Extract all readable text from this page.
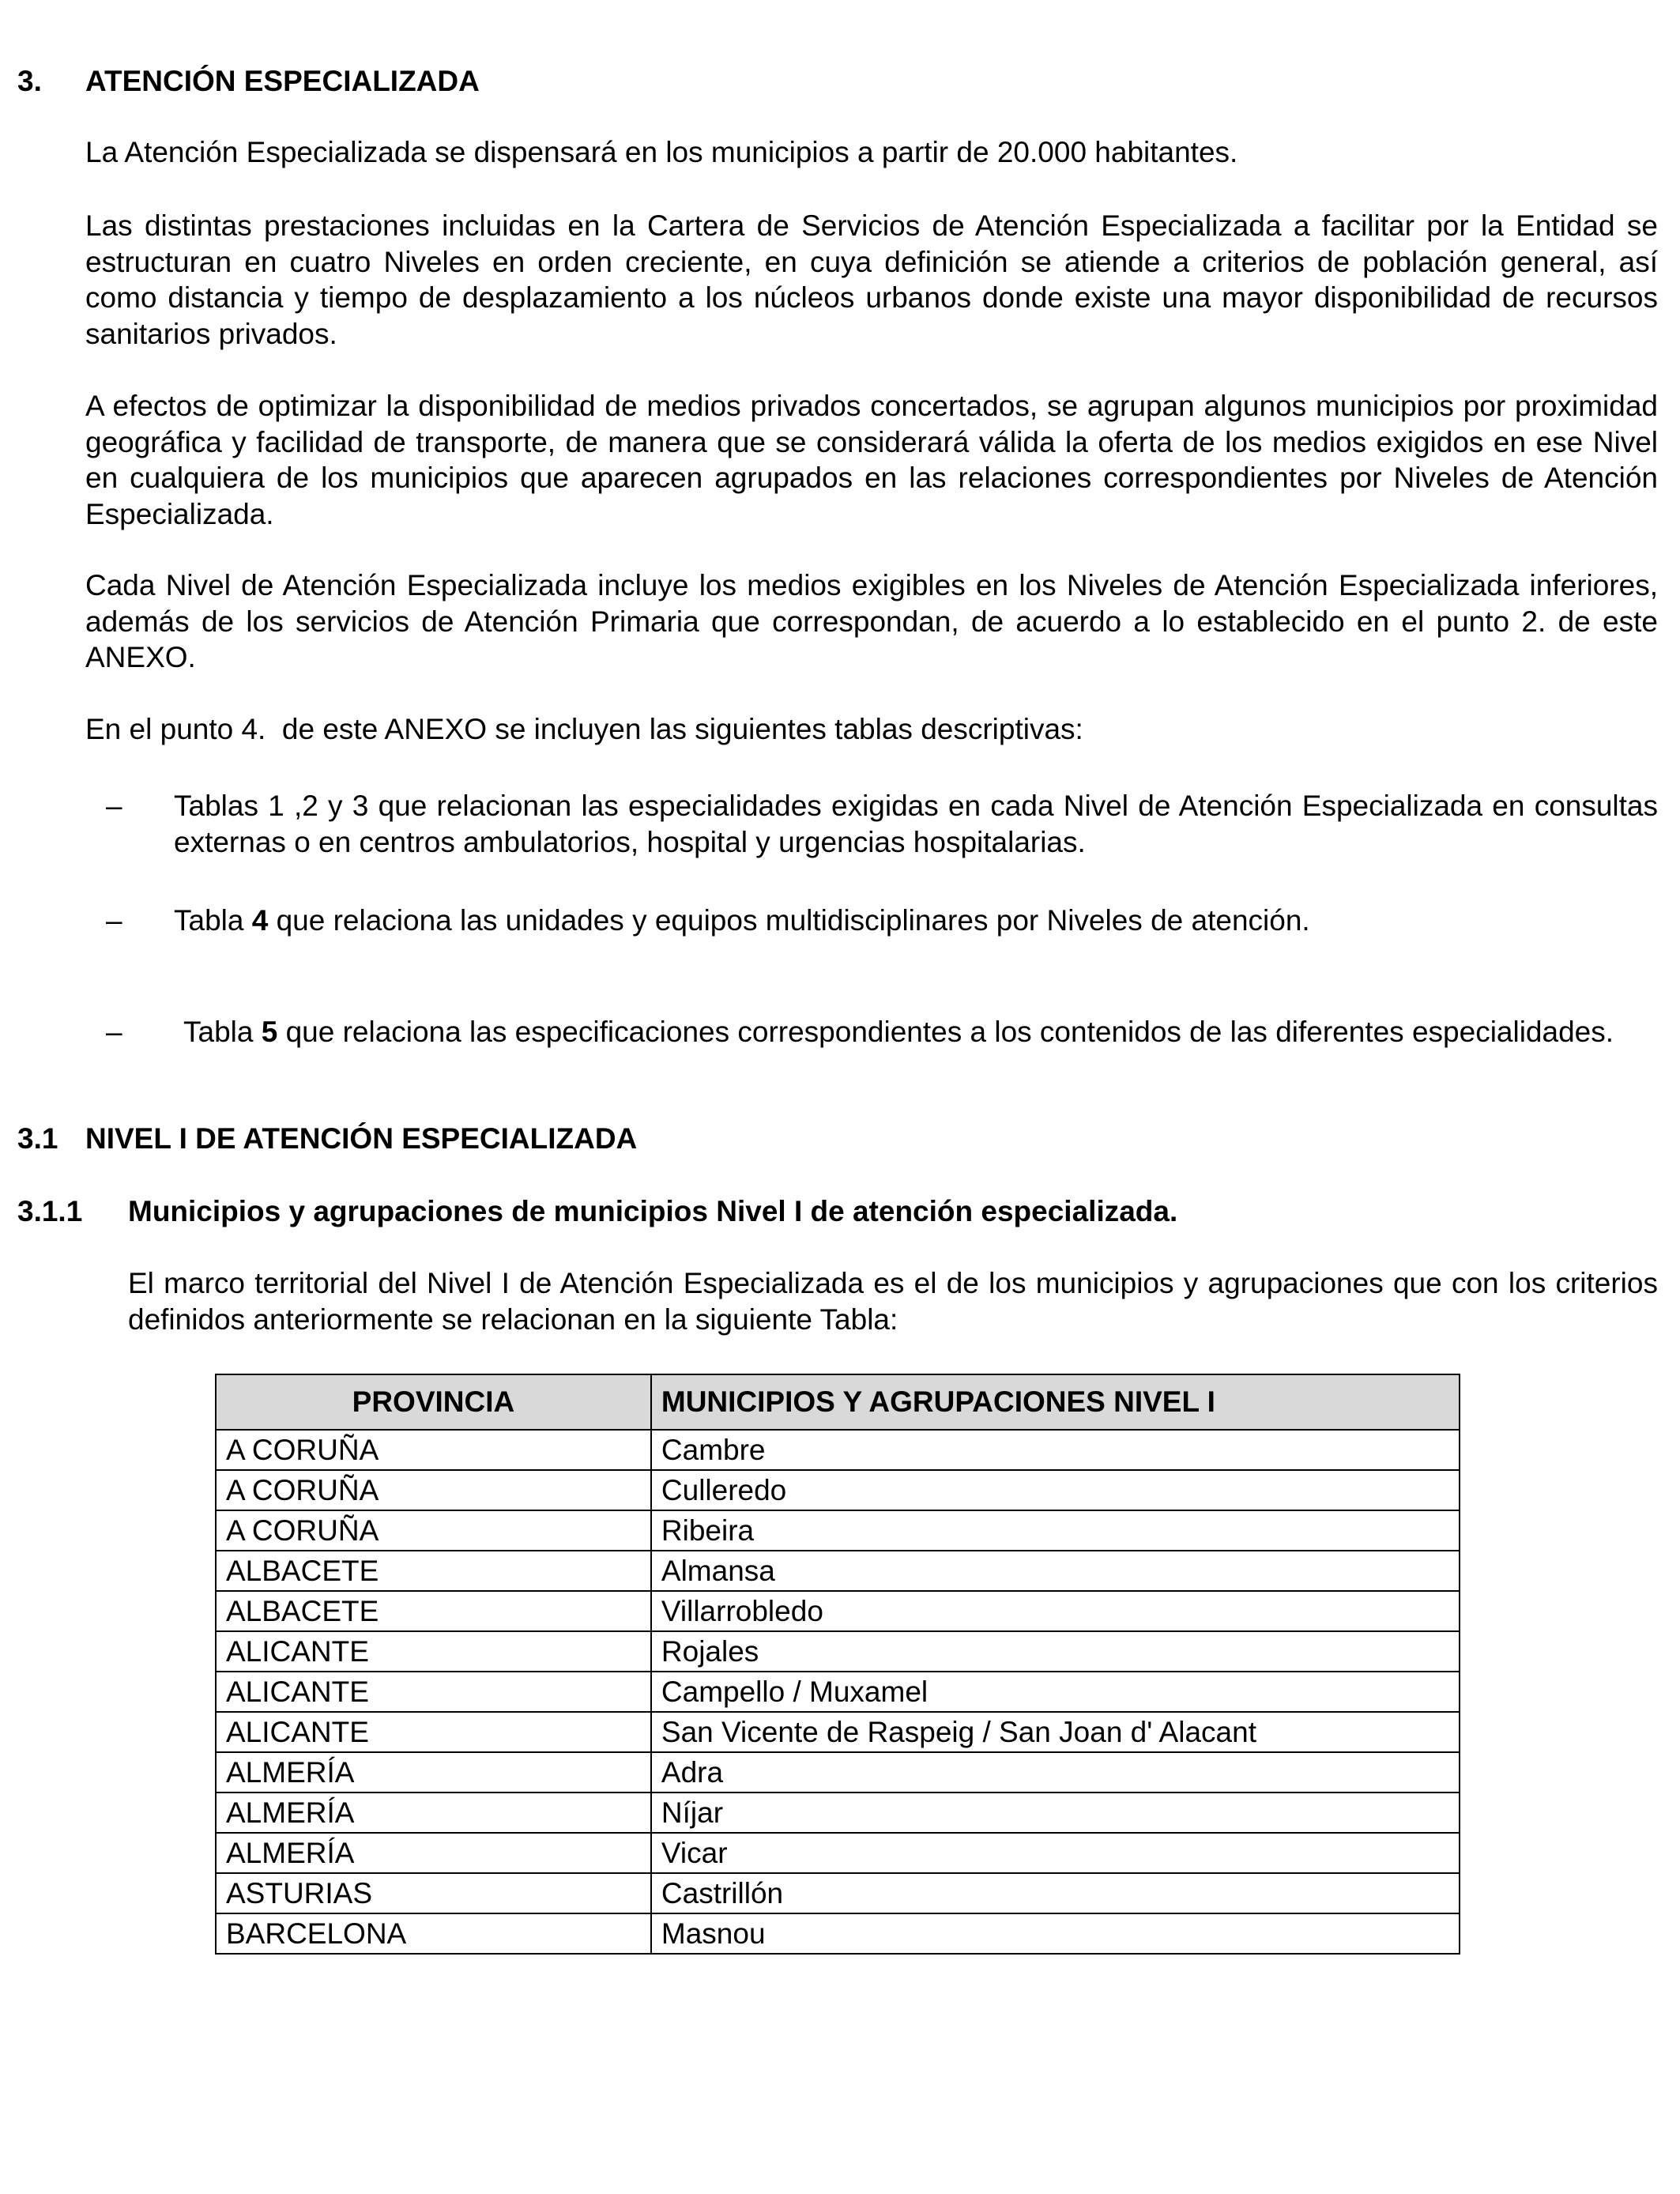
3. ATENCIÓN ESPECIALIZADA
La Atención Especializada se dispensará en los municipios a partir de 20.000 habitantes.
Las distintas prestaciones incluidas en la Cartera de Servicios de Atención Especializada a facilitar por la Entidad se estructuran en cuatro Niveles en orden creciente, en cuya definición se atiende a criterios de población general, así como distancia y tiempo de desplazamiento a los núcleos urbanos donde existe una mayor disponibilidad de recursos sanitarios privados.
A efectos de optimizar la disponibilidad de medios privados concertados, se agrupan algunos municipios por proximidad geográfica y facilidad de transporte, de manera que se considerará válida la oferta de los medios exigidos en ese Nivel en cualquiera de los municipios que aparecen agrupados en las relaciones correspondientes por Niveles de Atención Especializada.
Cada Nivel de Atención Especializada incluye los medios exigibles en los Niveles de Atención Especializada inferiores, además de los servicios de Atención Primaria que correspondan, de acuerdo a lo establecido en el punto 2. de este ANEXO.
En el punto 4.  de este ANEXO se incluyen las siguientes tablas descriptivas:
– Tablas 1 ,2 y 3 que relacionan las especialidades exigidas en cada Nivel de Atención Especializada en consultas externas o en centros ambulatorios, hospital y urgencias hospitalarias.
– Tabla 4 que relaciona las unidades y equipos multidisciplinares por Niveles de atención.
–	Tabla 5 que relaciona las especificaciones correspondientes a los contenidos de las diferentes especialidades.
3.1 NIVEL I DE ATENCIÓN ESPECIALIZADA
3.1.1 Municipios y agrupaciones de municipios Nivel I de atención especializada.
El marco territorial del Nivel I de Atención Especializada es el de los municipios y agrupaciones que con los criterios definidos anteriormente se relacionan en la siguiente Tabla:
PROVINCIA	MUNICIPIOS Y AGRUPACIONES NIVEL I
A CORUÑA	Cambre
A CORUÑA	Culleredo
A CORUÑA	Ribeira
ALBACETE	Almansa
ALBACETE	Villarrobledo
ALICANTE	Rojales
ALICANTE	Campello / Muxamel
ALICANTE	San Vicente de Raspeig / San Joan d' Alacant
ALMERÍA	Adra
ALMERÍA	Níjar
ALMERÍA	Vicar
ASTURIAS	Castrillón
BARCELONA	Masnou
